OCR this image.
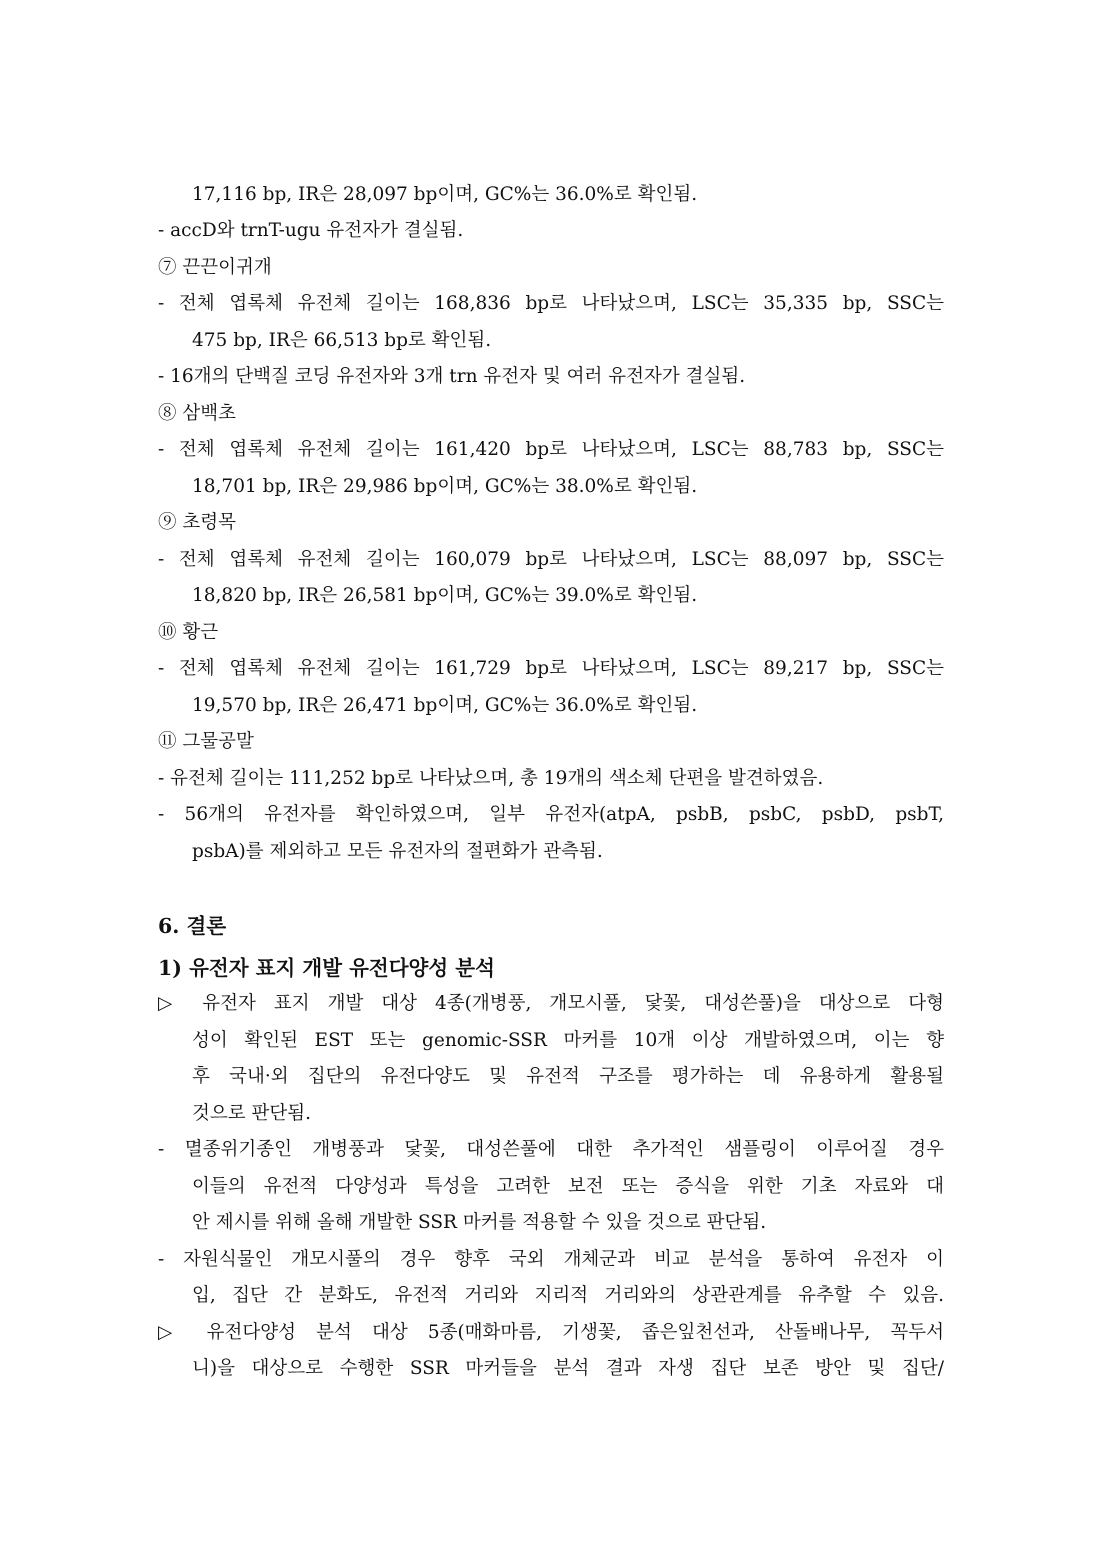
17,116 bp, IR은 28,097 bp이며, GC%는 36.0%로 확인됨.
- accD와 trnT-ugu 유전자가 결실됨.
⑦ 끈끈이귀개
- 전체 엽록체 유전체 길이는 168,836 bp로 나타났으며, LSC는 35,335 bp, SSC는
475 bp, IR은 66,513 bp로 확인됨.
- 16개의 단백질 코딩 유전자와 3개 trn 유전자 및 여러 유전자가 결실됨.
⑧ 삼백초
- 전체 엽록체 유전체 길이는 161,420 bp로 나타났으며, LSC는 88,783 bp, SSC는
18,701 bp, IR은 29,986 bp이며, GC%는 38.0%로 확인됨.
⑨ 초령목
- 전체 엽록체 유전체 길이는 160,079 bp로 나타났으며, LSC는 88,097 bp, SSC는
18,820 bp, IR은 26,581 bp이며, GC%는 39.0%로 확인됨.
⑩ 황근
- 전체 엽록체 유전체 길이는 161,729 bp로 나타났으며, LSC는 89,217 bp, SSC는
19,570 bp, IR은 26,471 bp이며, GC%는 36.0%로 확인됨.
⑪ 그물공말
- 유전체 길이는 111,252 bp로 나타났으며, 총 19개의 색소체 단편을 발견하였음.
- 56개의 유전자를 확인하였으며, 일부 유전자(atpA, psbB, psbC, psbD, psbT,
psbA)를 제외하고 모든 유전자의 절편화가 관측됨.
6. 결론
1) 유전자 표지 개발 유전다양성 분석
▷ 유전자 표지 개발 대상 4종(개병풍, 개모시풀, 닻꽃, 대성쓴풀)을 대상으로 다형
성이 확인된 EST 또는 genomic-SSR 마커를 10개 이상 개발하였으며, 이는 향
후 국내·외 집단의 유전다양도 및 유전적 구조를 평가하는 데 유용하게 활용될
것으로 판단됨.
- 멸종위기종인 개병풍과 닻꽃, 대성쓴풀에 대한 추가적인 샘플링이 이루어질 경우
이들의 유전적 다양성과 특성을 고려한 보전 또는 증식을 위한 기초 자료와 대
안 제시를 위해 올해 개발한 SSR 마커를 적용할 수 있을 것으로 판단됨.
- 자원식물인 개모시풀의 경우 향후 국외 개체군과 비교 분석을 통하여 유전자 이
입, 집단 간 분화도, 유전적 거리와 지리적 거리와의 상관관계를 유추할 수 있음.
▷ 유전다양성 분석 대상 5종(매화마름, 기생꽃, 좁은잎천선과, 산돌배나무, 꼭두서
니)을 대상으로 수행한 SSR 마커들을 분석 결과 자생 집단 보존 방안 및 집단/
